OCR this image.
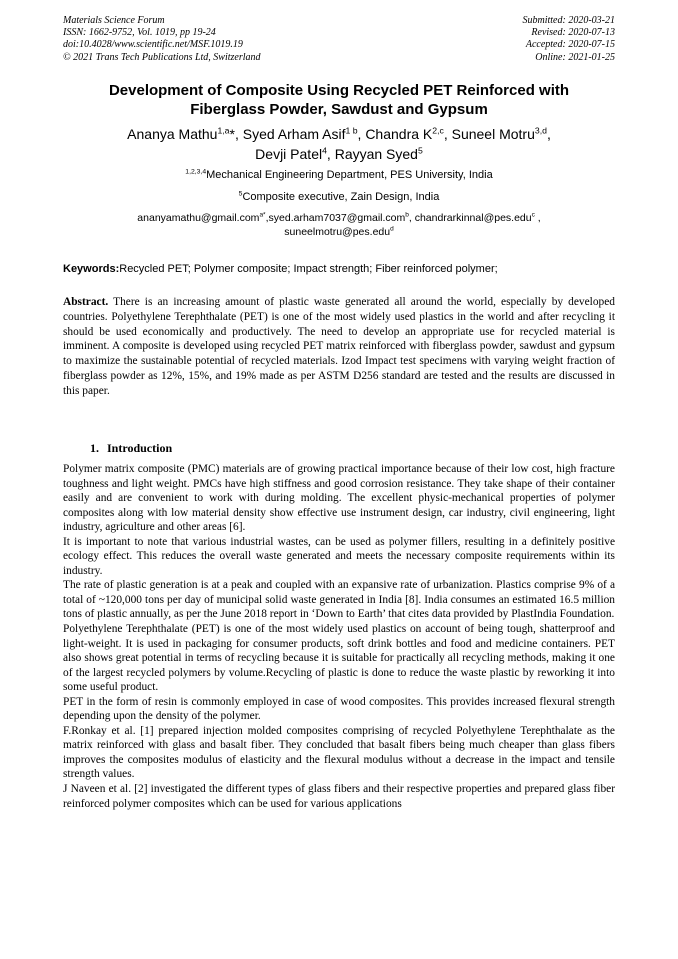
Materials Science Forum
ISSN: 1662-9752, Vol. 1019, pp 19-24
doi:10.4028/www.scientific.net/MSF.1019.19
© 2021 Trans Tech Publications Ltd, Switzerland
Submitted: 2020-03-21
Revised: 2020-07-13
Accepted: 2020-07-15
Online: 2021-01-25
Development of Composite Using Recycled PET Reinforced with
Fiberglass Powder, Sawdust and Gypsum
Ananya Mathu$^{1,a}$*, Syed Arham Asif$^{1 b}$, Chandra K$^{2,c}$, Suneel Motru$^{3,d}$,
Devji Patel$^4$, Rayyan Syed$^5$
$^{1,2,3,4}$Mechanical Engineering Department, PES University, India
$^5$Composite executive, Zain Design, India
ananyamathu@gmail.com$^{a*}$,syed.arham7037@gmail.com$^b$, chandrarkinnal@pes.edu$^c$ ,
suneelmotru@pes.edu$^d$
Keywords:Recycled PET; Polymer composite; Impact strength; Fiber reinforced polymer;

Abstract. There is an increasing amount of plastic waste generated all around the world, especially by developed countries. Polyethylene Terephthalate (PET) is one of the most widely used plastics in the world and after recycling it should be used economically and productively. The need to develop an appropriate use for recycled material is imminent. A composite is developed using recycled PET matrix reinforced with fiberglass powder, sawdust and gypsum to maximize the sustainable potential of recycled materials. Izod Impact test specimens with varying weight fraction of fiberglass powder as 12%, 15%, and 19% made as per ASTM D256 standard are tested and the results are discussed in this paper.

1. Introduction

Polymer matrix composite (PMC) materials are of growing practical importance because of their low cost, high fracture toughness and light weight. PMCs have high stiffness and good corrosion resistance. They take shape of their container easily and are convenient to work with during molding. The excellent physic-mechanical properties of polymer composites along with low material density show effective use instrument design, car industry, civil engineering, light industry, agriculture and other areas [6].

It is important to note that various industrial wastes, can be used as polymer fillers, resulting in a definitely positive ecology effect. This reduces the overall waste generated and meets the necessary composite requirements within its industry.

The rate of plastic generation is at a peak and coupled with an expansive rate of urbanization. Plastics comprise 9% of a total of ~120,000 tons per day of municipal solid waste generated in India [8]. India consumes an estimated 16.5 million tons of plastic annually, as per the June 2018 report in ‘Down to Earth’ that cites data provided by PlastIndia Foundation.

Polyethylene Terephthalate (PET) is one of the most widely used plastics on account of being tough, shatterproof and light-weight. It is used in packaging for consumer products, soft drink bottles and food and medicine containers. PET also shows great potential in terms of recycling because it is suitable for practically all recycling methods, making it one of the largest recycled polymers by volume.Recycling of plastic is done to reduce the waste plastic by reworking it into some useful product.

PET in the form of resin is commonly employed in case of wood composites. This provides increased flexural strength depending upon the density of the polymer.

F.Ronkay et al. [1] prepared injection molded composites comprising of recycled Polyethylene Terephthalate as the matrix reinforced with glass and basalt fiber. They concluded that basalt fibers being much cheaper than glass fibers improves the composites modulus of elasticity and the flexural modulus without a decrease in the impact and tensile strength values.

J Naveen et al. [2] investigated the different types of glass fibers and their respective properties and prepared glass fiber reinforced polymer composites which can be used for various applications
